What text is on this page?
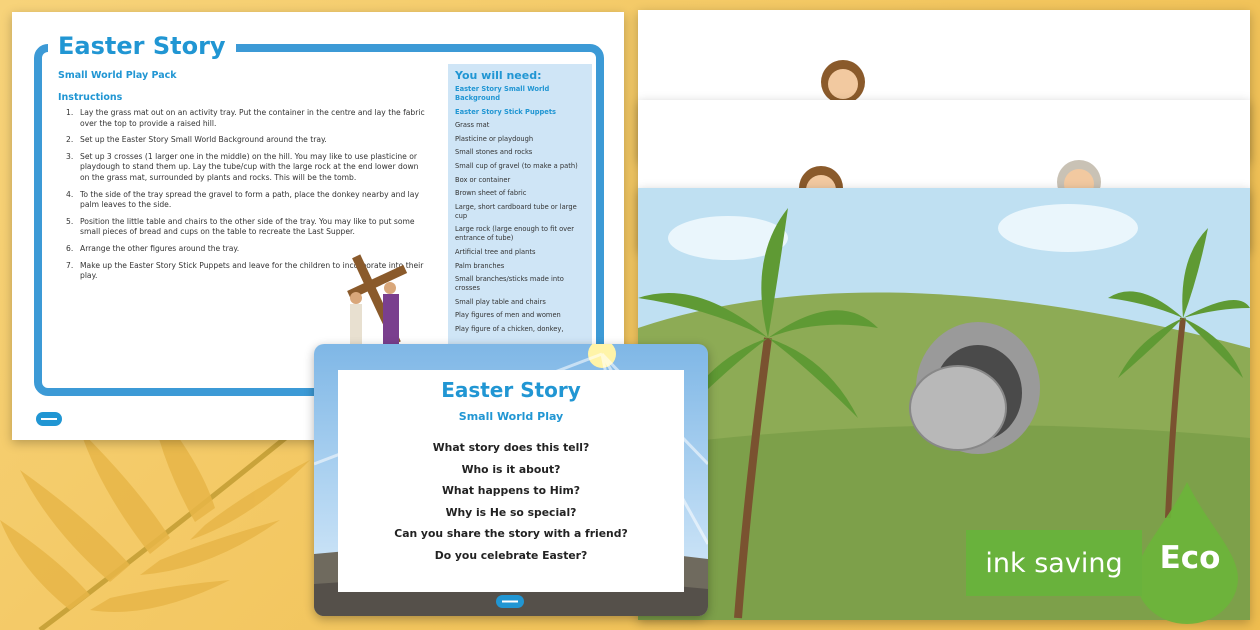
Easter Story
Small World Play Pack
Instructions
1. Lay the grass mat out on an activity tray. Put the container in the centre and lay the fabric over the top to provide a raised hill.
2. Set up the Easter Story Small World Background around the tray.
3. Set up 3 crosses (1 larger one in the middle) on the hill. You may like to use plasticine or playdough to stand them up. Lay the tube/cup with the large rock at the end lower down on the grass mat, surrounded by plants and rocks. This will be the tomb.
4. To the side of the tray spread the gravel to form a path, place the donkey nearby and lay palm leaves to the side.
5. Position the little table and chairs to the other side of the tray. You may like to put some small pieces of bread and cups on the table to recreate the Last Supper.
6. Arrange the other figures around the tray.
7. Make up the Easter Story Stick Puppets and leave for the children to incorporate into their play.
You will need:
Easter Story Small World Background
Easter Story Stick Puppets
Grass mat
Plasticine or playdough
Small stones and rocks
Small cup of gravel (to make a path)
Box or container
Brown sheet of fabric
Large, short cardboard tube or large cup
Large rock (large enough to fit over entrance of tube)
Artificial tree and plants
Palm branches
Small branches/sticks made into crosses
Small play table and chairs
Play figures of men and women
Play figure of a chicken, donkey,
Easter Story
Small World Play
What story does this tell?
Who is it about?
What happens to Him?
Why is He so special?
Can you share the story with a friend?
Do you celebrate Easter?	ink saving	Eco
